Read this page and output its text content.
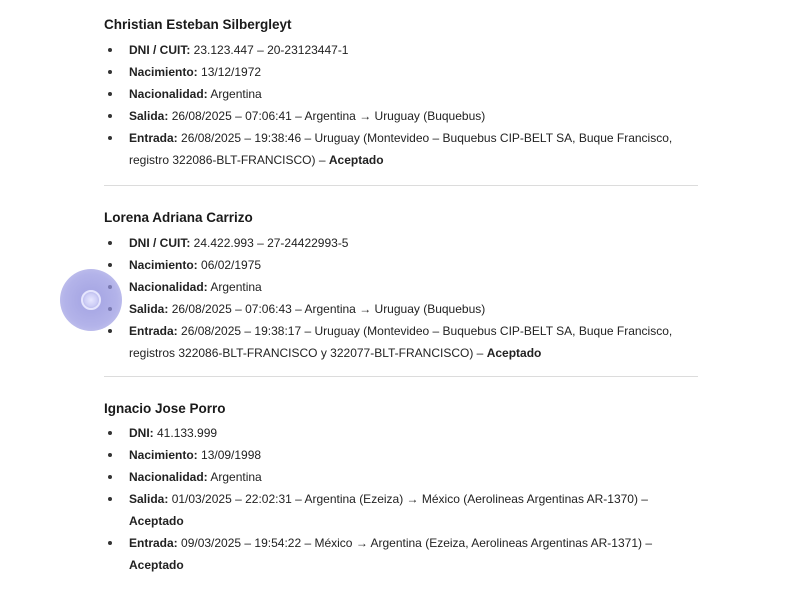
Christian Esteban Silbergleyt
DNI / CUIT: 23.123.447 – 20-23123447-1
Nacimiento: 13/12/1972
Nacionalidad: Argentina
Salida: 26/08/2025 – 07:06:41 – Argentina → Uruguay (Buquebus)
Entrada: 26/08/2025 – 19:38:46 – Uruguay (Montevideo – Buquebus CIP-BELT SA, Buque Francisco, registro 322086-BLT-FRANCISCO) – Aceptado
Lorena Adriana Carrizo
DNI / CUIT: 24.422.993 – 27-24422993-5
Nacimiento: 06/02/1975
Nacionalidad: Argentina
Salida: 26/08/2025 – 07:06:43 – Argentina → Uruguay (Buquebus)
Entrada: 26/08/2025 – 19:38:17 – Uruguay (Montevideo – Buquebus CIP-BELT SA, Buque Francisco, registros 322086-BLT-FRANCISCO y 322077-BLT-FRANCISCO) – Aceptado
Ignacio Jose Porro
DNI: 41.133.999
Nacimiento: 13/09/1998
Nacionalidad: Argentina
Salida: 01/03/2025 – 22:02:31 – Argentina (Ezeiza) → México (Aerolineas Argentinas AR-1370) – Aceptado
Entrada: 09/03/2025 – 19:54:22 – México → Argentina (Ezeiza, Aerolineas Argentinas AR-1371) – Aceptado
